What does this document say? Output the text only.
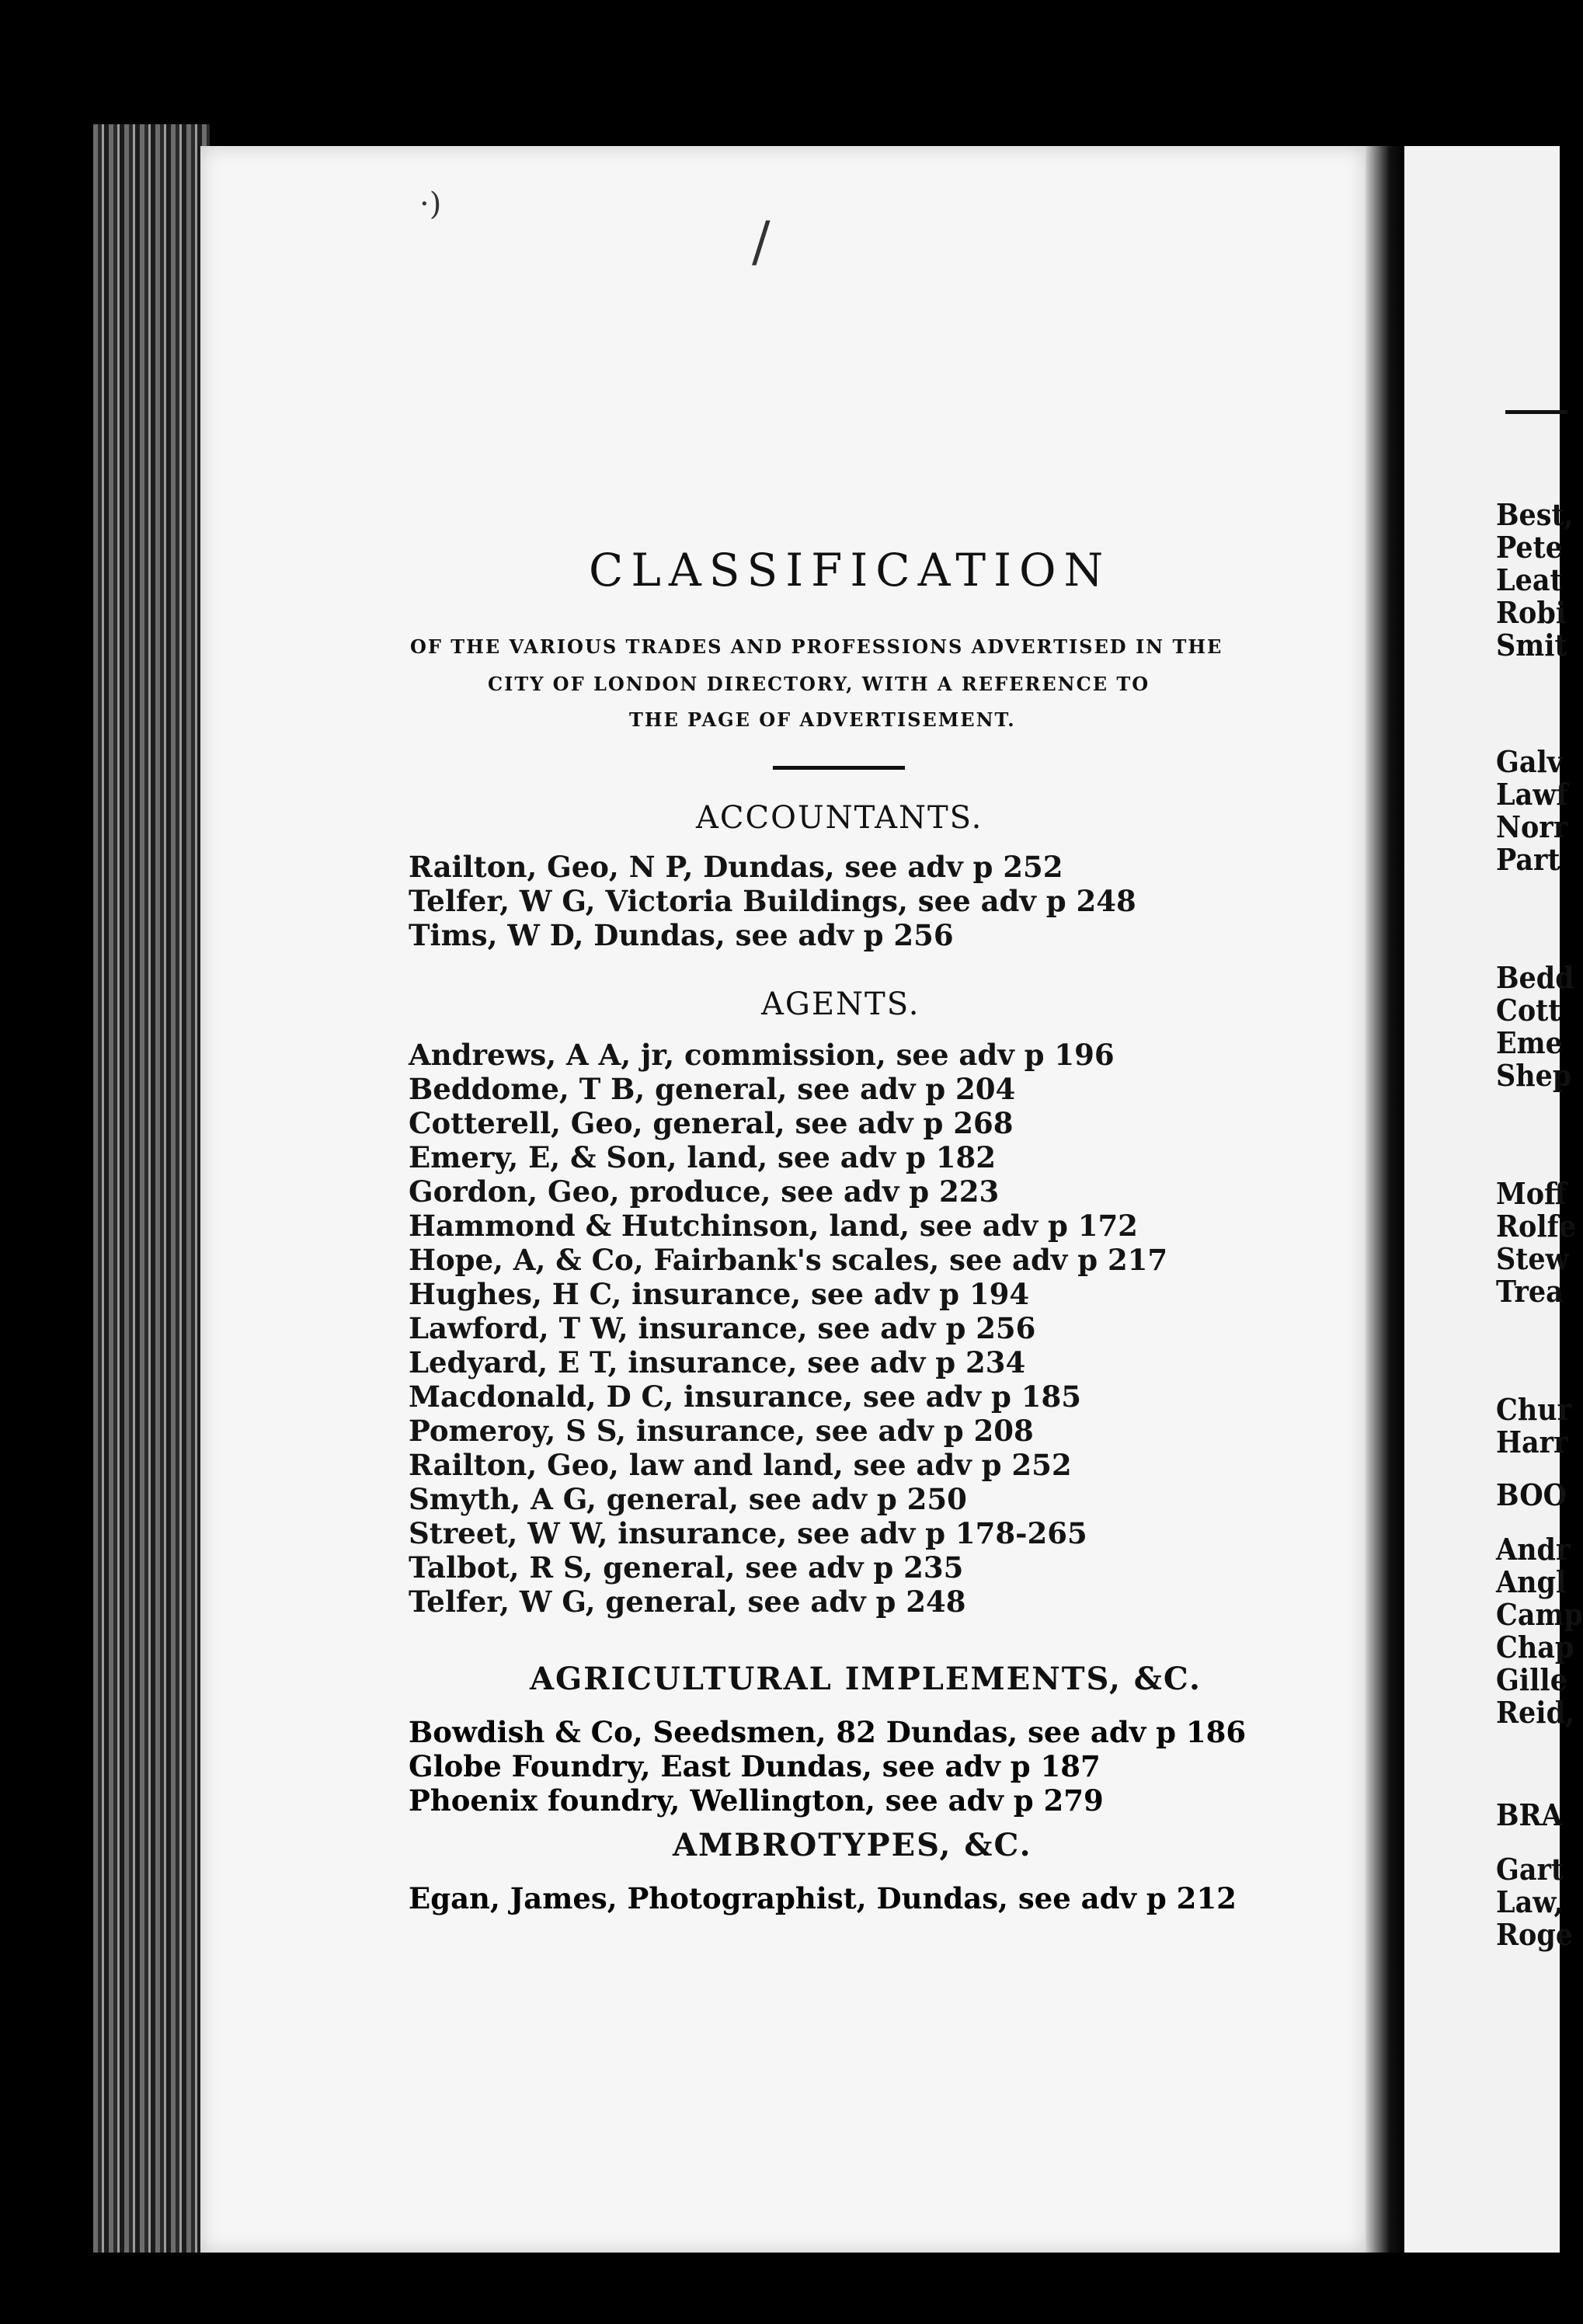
·)
/
CLASSIFICATION
OF THE VARIOUS TRADES AND PROFESSIONS ADVERTISED IN THE
CITY OF LONDON DIRECTORY, WITH A REFERENCE TO
THE PAGE OF ADVERTISEMENT.
ACCOUNTANTS.
Railton, Geo, N P, Dundas, see adv p 252
Telfer, W G, Victoria Buildings, see adv p 248
Tims, W D, Dundas, see adv p 256
AGENTS.
Andrews, A A, jr, commission, see adv p 196
Beddome, T B, general, see adv p 204
Cotterell, Geo, general, see adv p 268
Emery, E, & Son, land, see adv p 182
Gordon, Geo, produce, see adv p 223
Hammond & Hutchinson, land, see adv p 172
Hope, A, & Co, Fairbank's scales, see adv p 217
Hughes, H C, insurance, see adv p 194
Lawford, T W, insurance, see adv p 256
Ledyard, E T, insurance, see adv p 234
Macdonald, D C, insurance, see adv p 185
Pomeroy, S S, insurance, see adv p 208
Railton, Geo, law and land, see adv p 252
Smyth, A G, general, see adv p 250
Street, W W, insurance, see adv p 178-265
Talbot, R S, general, see adv p 235
Telfer, W G, general, see adv p 248
AGRICULTURAL IMPLEMENTS, &C.
Bowdish & Co, Seedsmen, 82 Dundas, see adv p 186
Globe Foundry, East Dundas, see adv p 187
Phoenix foundry, Wellington, see adv p 279
AMBROTYPES, &C.
Egan, James, Photographist, Dundas, see adv p 212
Best,
Pete
Leat
Robi
Smit
Galv
Lawf
Norr
Part
Bedd
Cott
Eme
Shep
Moff
Rolfe
Stew
Trea
Chur
Harr
BOO
Andr
Angl
Camp
Chap
Gille
Reid,
BRA
Gart
Law,
Roge
